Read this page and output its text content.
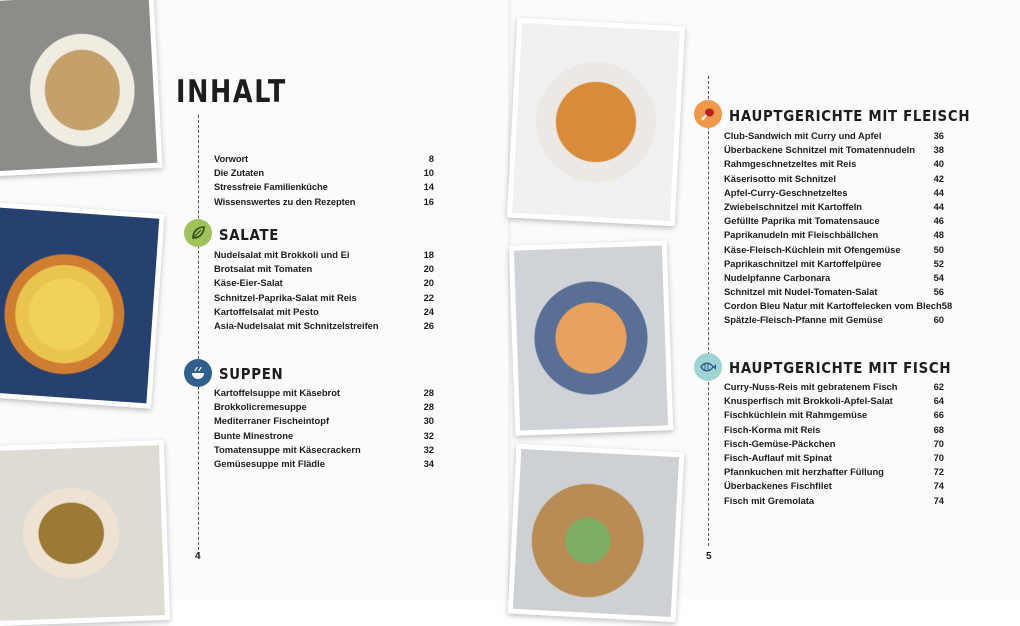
INHALT
Vorwort	8
Die Zutaten	10
Stressfreie Familienküche	14
Wissenswertes zu den Rezepten	16
SALATE
Nudelsalat mit Brokkoli und Ei	18
Brotsalat mit Tomaten	20
Käse-Eier-Salat	20
Schnitzel-Paprika-Salat mit Reis	22
Kartoffelsalat mit Pesto	24
Asia-Nudelsalat mit Schnitzelstreifen	26
SUPPEN
Kartoffelsuppe mit Käsebrot	28
Brokkolicremesuppe	28
Mediterraner Fischeintopf	30
Bunte Minestrone	32
Tomatensuppe mit Käsecrackern	32
Gemüsesuppe mit Flädle	34
4
HAUPTGERICHTE MIT FLEISCH
Club-Sandwich mit Curry und Apfel	36
Überbackene Schnitzel mit Tomatennudeln 38
Rahmgeschnetzeltes mit Reis	40
Käserisotto mit Schnitzel	42
Apfel-Curry-Geschnetzeltes	44
Zwiebelschnitzel mit Kartoffeln	44
Gefüllte Paprika mit Tomatensauce	46
Paprikanudeln mit Fleischbällchen	48
Käse-Fleisch-Küchlein mit Ofengemüse	50
Paprikaschnitzel mit Kartoffelpüree	52
Nudelpfanne Carbonara	54
Schnitzel mit Nudel-Tomaten-Salat	56
Cordon Bleu Natur mit Kartoffelecken vom Blech 58
Spätzle-Fleisch-Pfanne mit Gemüse	60
HAUPTGERICHTE MIT FISCH
Curry-Nuss-Reis mit gebratenem Fisch	62
Knusperfisch mit Brokkoli-Apfel-Salat	64
Fischküchlein mit Rahmgemüse	66
Fisch-Korma mit Reis	68
Fisch-Gemüse-Päckchen	70
Fisch-Auflauf mit Spinat	70
Pfannkuchen mit herzhafter Füllung	72
Überbackenes Fischfilet	74
Fisch mit Gremolata	74
5
